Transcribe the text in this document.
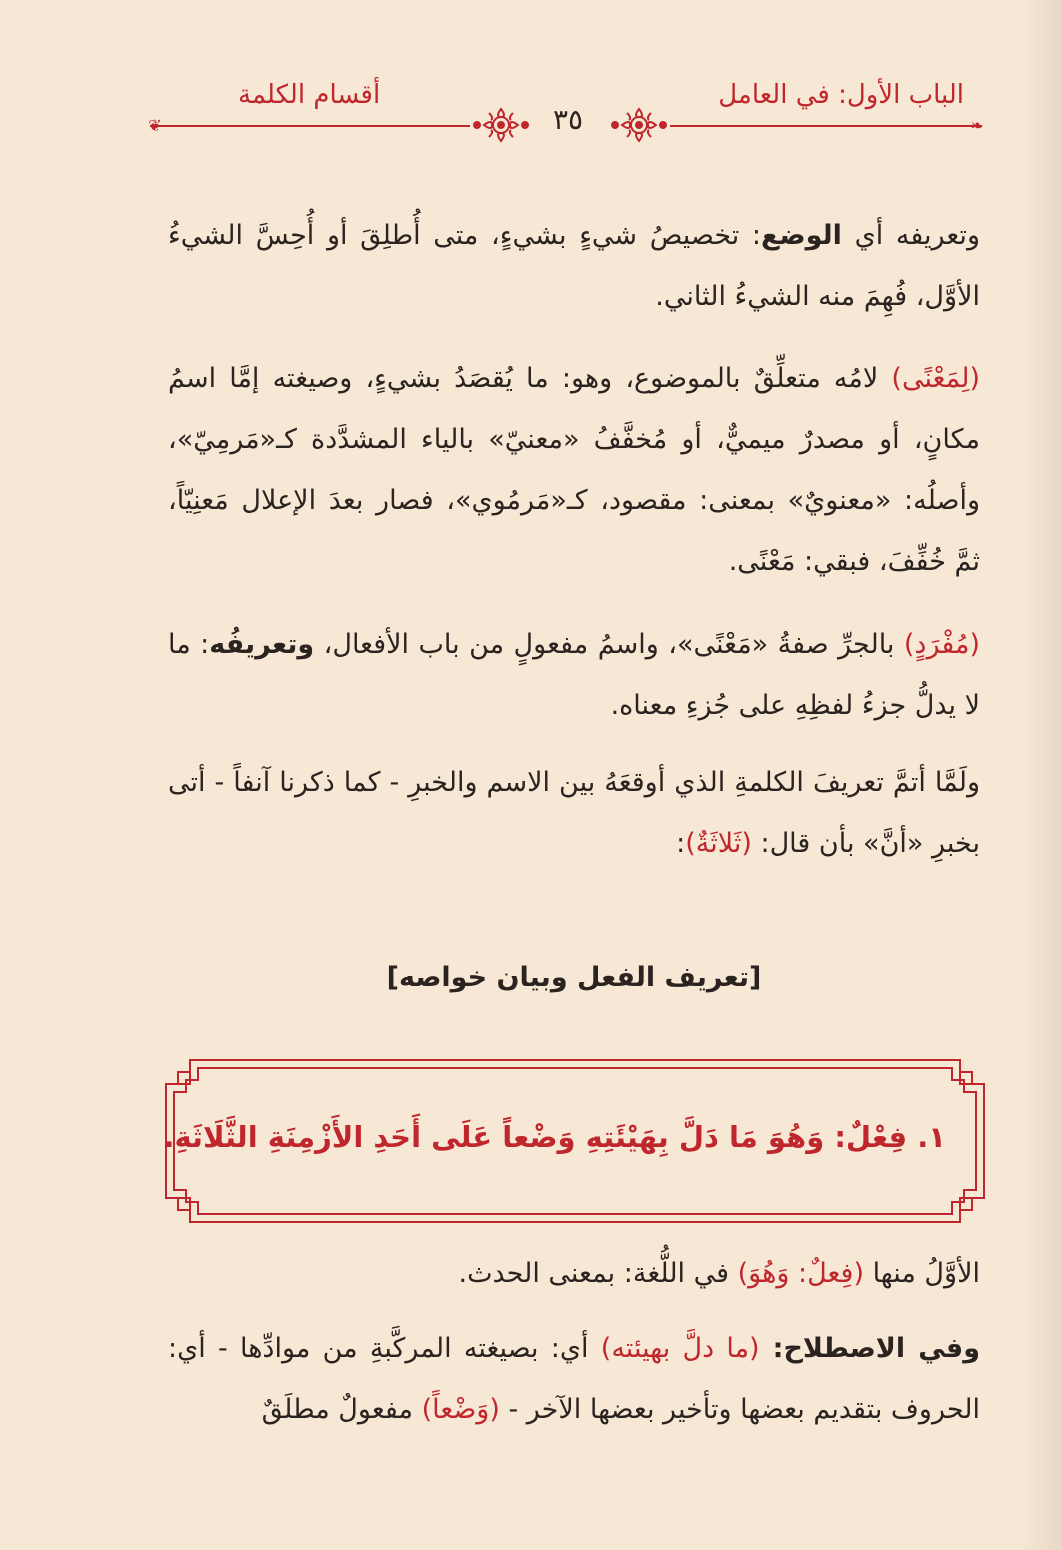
❦	❧
الباب الأول: في العامل
أقسام الكلمة
٣٥

وتعريفه أي الوضع: تخصيصُ شيءٍ بشيءٍ، متى أُطلِقَ أو أُحِسَّ الشيءُ الأوَّل، فُهِمَ منه الشيءُ الثاني.

(لِمَعْنًى) لامُه متعلِّقٌ بالموضوع، وهو: ما يُقصَدُ بشيءٍ، وصيغته إمَّا اسمُ مكانٍ، أو مصدرٌ ميميٌّ، أو مُخفَّفُ «معنيّ» بالياء المشدَّدة كـ«مَرمِيّ»، وأصلُه: «معنويٌ» بمعنى: مقصود، كـ«مَرمُوي»، فصار بعدَ الإعلال مَعنِيّاً، ثمَّ خُفِّفَ، فبقي: مَعْنًى.

(مُفْرَدٍ) بالجرِّ صفةُ «مَعْنًى»، واسمُ مفعولٍ من باب الأفعال، وتعريفُه: ما لا يدلُّ جزءُ لفظِهِ على جُزءِ معناه.

ولَمَّا أتمَّ تعريفَ الكلمةِ الذي أوقعَهُ بين الاسم والخبرِ - كما ذكرنا آنفاً - أتى بخبرِ «أنَّ» بأن قال: (ثَلاثَةٌ):

[تعريف الفعل وبيان خواصه]
١. فِعْلٌ: وَهُوَ مَا دَلَّ بِهَيْئَتِهِ وَضْعاً عَلَى أَحَدِ الأَزْمِنَةِ الثَّلَاثَةِ.

الأوَّلُ منها (فِعلٌ: وَهُوَ) في اللُّغة: بمعنى الحدث.

وفي الاصطلاح: (ما دلَّ بهيئته) أي: بصيغته المركَّبةِ من موادِّها - أي: الحروف بتقديم بعضها وتأخير بعضها الآخر - (وَضْعاً) مفعولٌ مطلَقٌ
